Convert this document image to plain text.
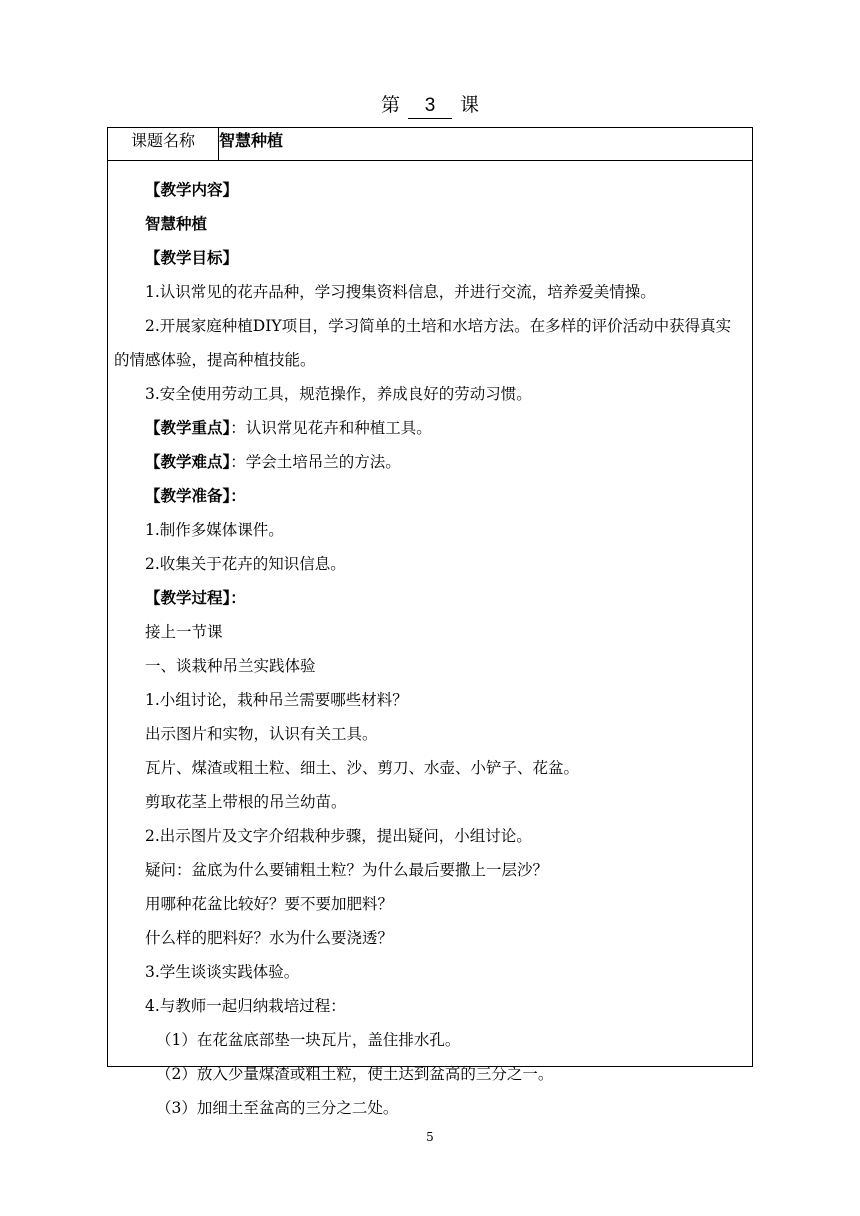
第 3 课
课题名称	智慧种植

【教学内容】

智慧种植

【教学目标】

1.认识常见的花卉品种，学习搜集资料信息，并进行交流，培养爱美情操。

2.开展家庭种植DIY项目，学习简单的土培和水培方法。在多样的评价活动中获得真实的情感体验，提高种植技能。

3.安全使用劳动工具，规范操作，养成良好的劳动习惯。

【教学重点】：认识常见花卉和种植工具。

【教学难点】：学会土培吊兰的方法。

【教学准备】：

1.制作多媒体课件。

2.收集关于花卉的知识信息。

【教学过程】：

接上一节课

一、谈栽种吊兰实践体验

1.小组讨论，栽种吊兰需要哪些材料？

出示图片和实物，认识有关工具。

瓦片、煤渣或粗土粒、细土、沙、剪刀、水壶、小铲子、花盆。

剪取花茎上带根的吊兰幼苗。

2.出示图片及文字介绍栽种步骤，提出疑问，小组讨论。

疑问：盆底为什么要铺粗土粒？为什么最后要撒上一层沙？

用哪种花盆比较好？要不要加肥料？

什么样的肥料好？水为什么要浇透？

3.学生谈谈实践体验。

4.与教师一起归纳栽培过程：

（1）在花盆底部垫一块瓦片，盖住排水孔。

（2）放入少量煤渣或粗土粒，使土达到盆高的三分之一。

（3）加细土至盆高的三分之二处。

5
